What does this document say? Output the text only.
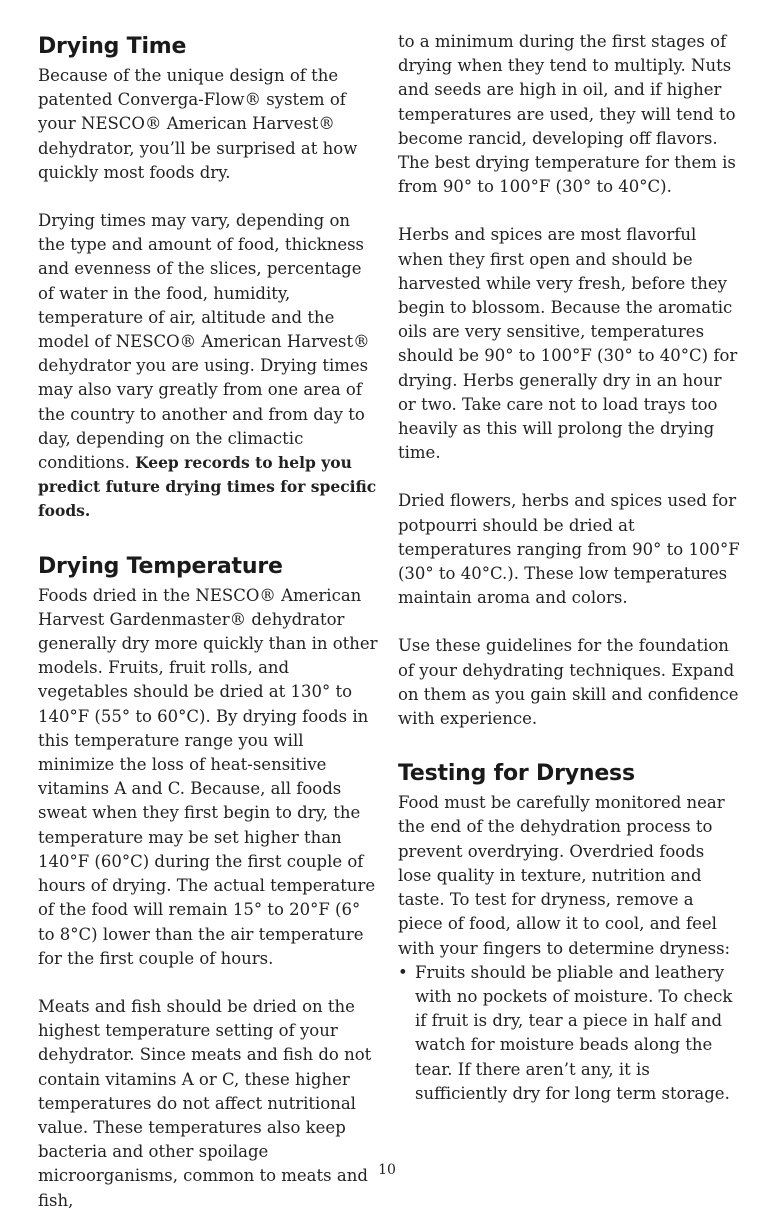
Drying Time

Because of the unique design of the patented Converga-Flow® system of your NESCO® American Harvest® dehydrator, you’ll be surprised at how quickly most foods dry.

Drying times may vary, depending on the type and amount of food, thickness and evenness of the slices, percentage of water in the food, humidity, temperature of air, altitude and the model of NESCO® American Harvest® dehydrator you are using. Drying times may also vary greatly from one area of the country to another and from day to day, depending on the climactic conditions. Keep records to help you predict future drying times for specific foods.

Drying Temperature

Foods dried in the NESCO® American Harvest Gardenmaster® dehydrator generally dry more quickly than in other models. Fruits, fruit rolls, and vegetables should be dried at 130° to 140°F (55° to 60°C). By drying foods in this temperature range you will minimize the loss of heat-sensitive vitamins A and C. Because, all foods sweat when they first begin to dry, the temperature may be set higher than 140°F (60°C) during the first couple of hours of drying. The actual temperature of the food will remain 15° to 20°F (6° to 8°C) lower than the air temperature for the first couple of hours.

Meats and fish should be dried on the highest temperature setting of your dehydrator. Since meats and fish do not contain vitamins A or C, these higher temperatures do not affect nutritional value. These temperatures also keep bacteria and other spoilage microorganisms, common to meats and fish,

to a minimum during the first stages of drying when they tend to multiply. Nuts and seeds are high in oil, and if higher temperatures are used, they will tend to become rancid, developing off flavors. The best drying temperature for them is from 90° to 100°F (30° to 40°C).

Herbs and spices are most flavorful when they first open and should be harvested while very fresh, before they begin to blossom. Because the aromatic oils are very sensitive, temperatures should be 90° to 100°F (30° to 40°C) for drying. Herbs generally dry in an hour or two. Take care not to load trays too heavily as this will prolong the drying time.

Dried flowers, herbs and spices used for potpourri should be dried at temperatures ranging from 90° to 100°F (30° to 40°C.). These low temperatures maintain aroma and colors.

Use these guidelines for the foundation of your dehydrating techniques. Expand on them as you gain skill and confidence with experience.

Testing for Dryness

Food must be carefully monitored near the end of the dehydration process to prevent overdrying. Overdried foods lose quality in texture, nutrition and taste. To test for dryness, remove a piece of food, allow it to cool, and feel with your fingers to determine dryness:

• Fruits should be pliable and leathery with no pockets of moisture. To check if fruit is dry, tear a piece in half and watch for moisture beads along the tear. If there aren’t any, it is sufficiently dry for long term storage.

10
